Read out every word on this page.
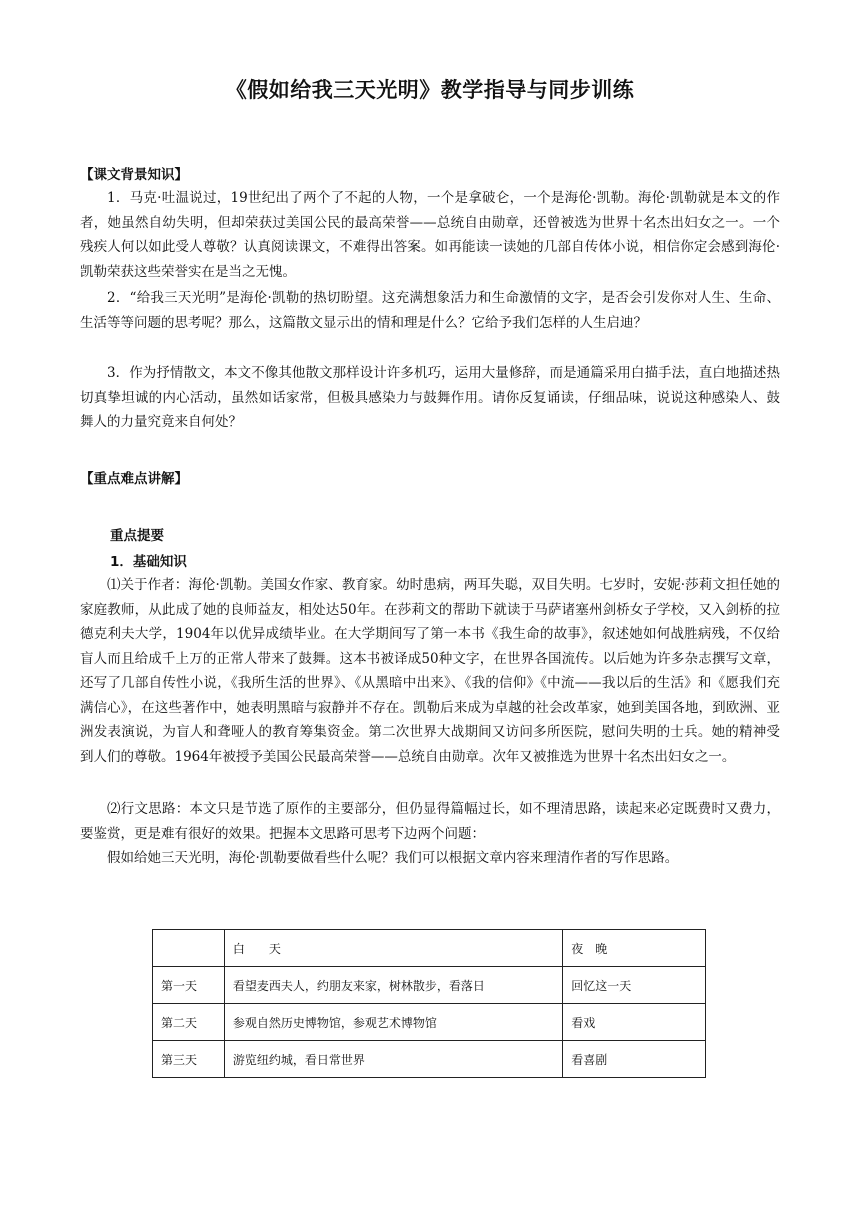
《假如给我三天光明》教学指导与同步训练
【课文背景知识】

1．马克·吐温说过，19世纪出了两个了不起的人物，一个是拿破仑，一个是海伦·凯勒。海伦·凯勒就是本文的作者，她虽然自幼失明，但却荣获过美国公民的最高荣誉——总统自由勋章，还曾被选为世界十名杰出妇女之一。一个残疾人何以如此受人尊敬？认真阅读课文，不难得出答案。如再能读一读她的几部自传体小说，相信你定会感到海伦·凯勒荣获这些荣誉实在是当之无愧。

2．“给我三天光明”是海伦·凯勒的热切盼望。这充满想象活力和生命激情的文字，是否会引发你对人生、生命、生活等等问题的思考呢？那么，这篇散文显示出的情和理是什么？它给予我们怎样的人生启迪？

3．作为抒情散文，本文不像其他散文那样设计许多机巧，运用大量修辞，而是通篇采用白描手法，直白地描述热切真挚坦诚的内心活动，虽然如话家常，但极具感染力与鼓舞作用。请你反复诵读，仔细品味，说说这种感染人、鼓舞人的力量究竟来自何处？

【重点难点讲解】
重点提要
1．基础知识

⑴关于作者：海伦·凯勒。美国女作家、教育家。幼时患病，两耳失聪，双目失明。七岁时，安妮·莎莉文担任她的家庭教师，从此成了她的良师益友，相处达50年。在莎莉文的帮助下就读于马萨诸塞州剑桥女子学校，又入剑桥的拉德克利夫大学，1904年以优异成绩毕业。在大学期间写了第一本书《我生命的故事》，叙述她如何战胜病残，不仅给盲人而且给成千上万的正常人带来了鼓舞。这本书被译成50种文字，在世界各国流传。以后她为许多杂志撰写文章，还写了几部自传性小说，《我所生活的世界》、《从黑暗中出来》、《我的信仰》《中流——我以后的生活》和《愿我们充满信心》，在这些著作中，她表明黑暗与寂静并不存在。凯勒后来成为卓越的社会改革家，她到美国各地，到欧洲、亚洲发表演说，为盲人和聋哑人的教育筹集资金。第二次世界大战期间又访问多所医院，慰问失明的士兵。她的精神受到人们的尊敬。1964年被授予美国公民最高荣誉——总统自由勋章。次年又被推选为世界十名杰出妇女之一。

⑵行文思路：本文只是节选了原作的主要部分，但仍显得篇幅过长，如不理清思路，读起来必定既费时又费力，要鉴赏，更是难有很好的效果。把握本文思路可思考下边两个问题：

假如给她三天光明，海伦·凯勒要做看些什么呢？我们可以根据文章内容来理清作者的写作思路。

	白　　天	夜　晚
第一天	看望麦西夫人，约朋友来家，树林散步，看落日	回忆这一天
第二天	参观自然历史博物馆，参观艺术博物馆	看戏
第三天	游览纽约城，看日常世界	看喜剧
